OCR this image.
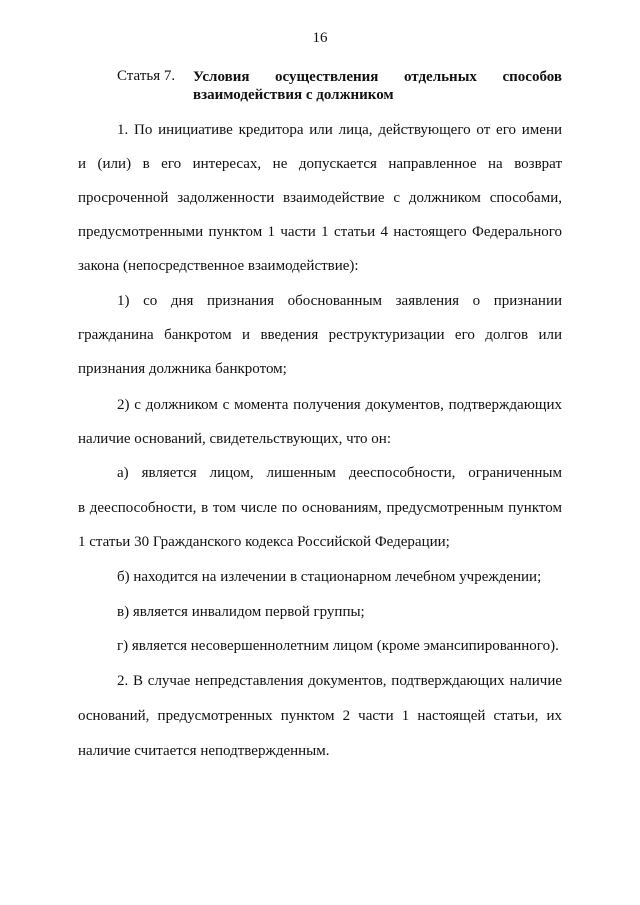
16
Статья 7. Условия осуществления отдельных способов
взаимодействия с должником
1. По инициативе кредитора или лица, действующего от его имени
и (или) в его интересах, не допускается направленное на возврат
просроченной задолженности взаимодействие с должником способами,
предусмотренными пунктом 1 части 1 статьи 4 настоящего Федерального
закона (непосредственное взаимодействие):
1) со дня признания обоснованным заявления о признании
гражданина банкротом и введения реструктуризации его долгов или
признания должника банкротом;
2) с должником с момента получения документов, подтверждающих
наличие оснований, свидетельствующих, что он:
а) является лицом, лишенным дееспособности, ограниченным
в дееспособности, в том числе по основаниям, предусмотренным пунктом
1 статьи 30 Гражданского кодекса Российской Федерации;
б) находится на излечении в стационарном лечебном учреждении;
в) является инвалидом первой группы;
г) является несовершеннолетним лицом (кроме эмансипированного).
2. В случае непредставления документов, подтверждающих наличие
оснований, предусмотренных пунктом 2 части 1 настоящей статьи, их
наличие считается неподтвержденным.
